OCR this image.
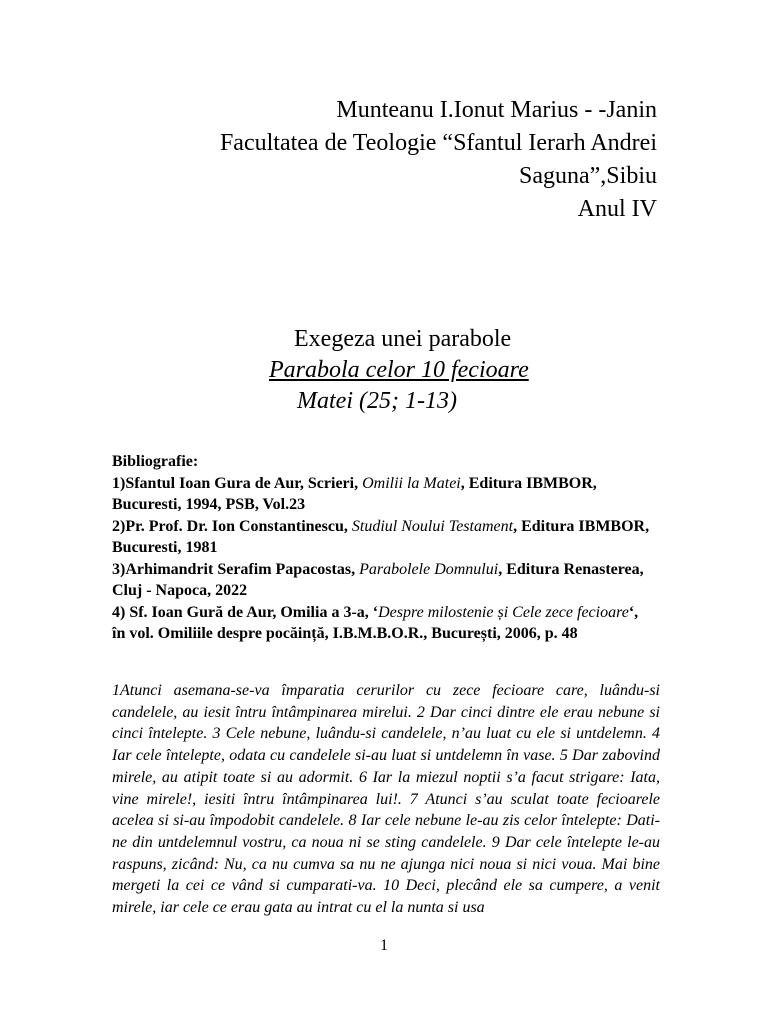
Munteanu I.Ionut Marius - -Janin
Facultatea de Teologie “Sfantul Ierarh Andrei
Saguna”,Sibiu
Anul IV
Exegeza unei parabole
Parabola celor 10 fecioare
Matei (25; 1-13)
Bibliografie:
1)Sfantul Ioan Gura de Aur, Scrieri, Omilii la Matei, Editura IBMBOR, Bucuresti, 1994, PSB, Vol.23
2)Pr. Prof. Dr. Ion Constantinescu, Studiul Noului Testament, Editura IBMBOR, Bucuresti, 1981
3)Arhimandrit Serafim Papacostas, Parabolele Domnului, Editura Renasterea, Cluj - Napoca, 2022
4) Sf. Ioan Gură de Aur, Omilia a 3-a, ‘Despre milostenie și Cele zece fecioare‘, în vol. Omiliile despre pocăință, I.B.M.B.O.R., București, 2006, p. 48
1Atunci asemana-se-va împaratia cerurilor cu zece fecioare care, luându-si candelele, au iesit întru întâmpinarea mirelui. 2 Dar cinci dintre ele erau nebune si cinci întelepte. 3 Cele nebune, luându-si candelele, n’au luat cu ele si untdelemn. 4 Iar cele întelepte, odata cu candelele si-au luat si untdelemn în vase. 5 Dar zabovind mirele, au atipit toate si au adormit. 6 Iar la miezul noptii s’a facut strigare: Iata, vine mirele!, iesiti întru întâmpinarea lui!. 7 Atunci s’au sculat toate fecioarele acelea si si-au împodobit candelele. 8 Iar cele nebune le-au zis celor întelepte: Dati-ne din untdelemnul vostru, ca noua ni se sting candelele. 9 Dar cele întelepte le-au raspuns, zicând: Nu, ca nu cumva sa nu ne ajunga nici noua si nici voua. Mai bine mergeti la cei ce vând si cumparati-va. 10 Deci, plecând ele sa cumpere, a venit mirele, iar cele ce erau gata au intrat cu el la nunta si usa
1
